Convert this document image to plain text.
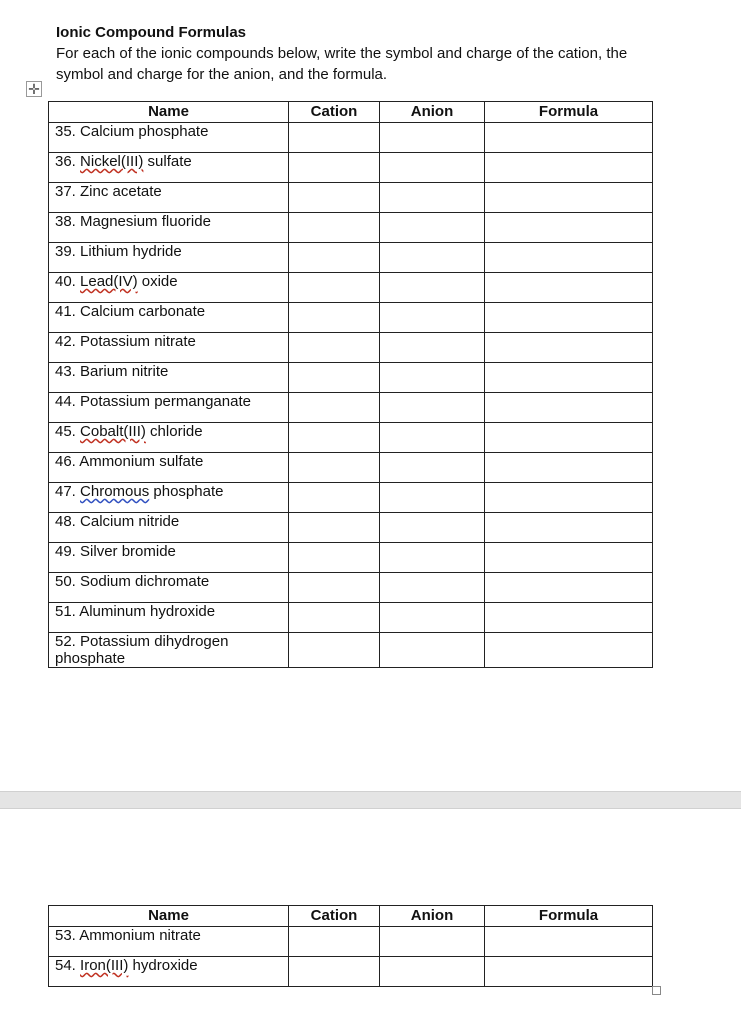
Ionic Compound Formulas
For each of the ionic compounds below, write the symbol and charge of the cation, the symbol and charge for the anion, and the formula.
✛
Name	Cation	Anion	Formula
35. Calcium phosphate			
36. Nickel(III) sulfate			
37. Zinc acetate			
38. Magnesium fluoride			
39. Lithium hydride			
40. Lead(IV) oxide			
41. Calcium carbonate			
42. Potassium nitrate			
43. Barium nitrite			
44. Potassium permanganate			
45. Cobalt(III) chloride			
46. Ammonium sulfate			
47. Chromous phosphate			
48. Calcium nitride			
49. Silver bromide			
50. Sodium dichromate			
51. Aluminum hydroxide			
52. Potassium dihydrogen phosphate			
Name	Cation	Anion	Formula
53. Ammonium nitrate			
54. Iron(III) hydroxide			
